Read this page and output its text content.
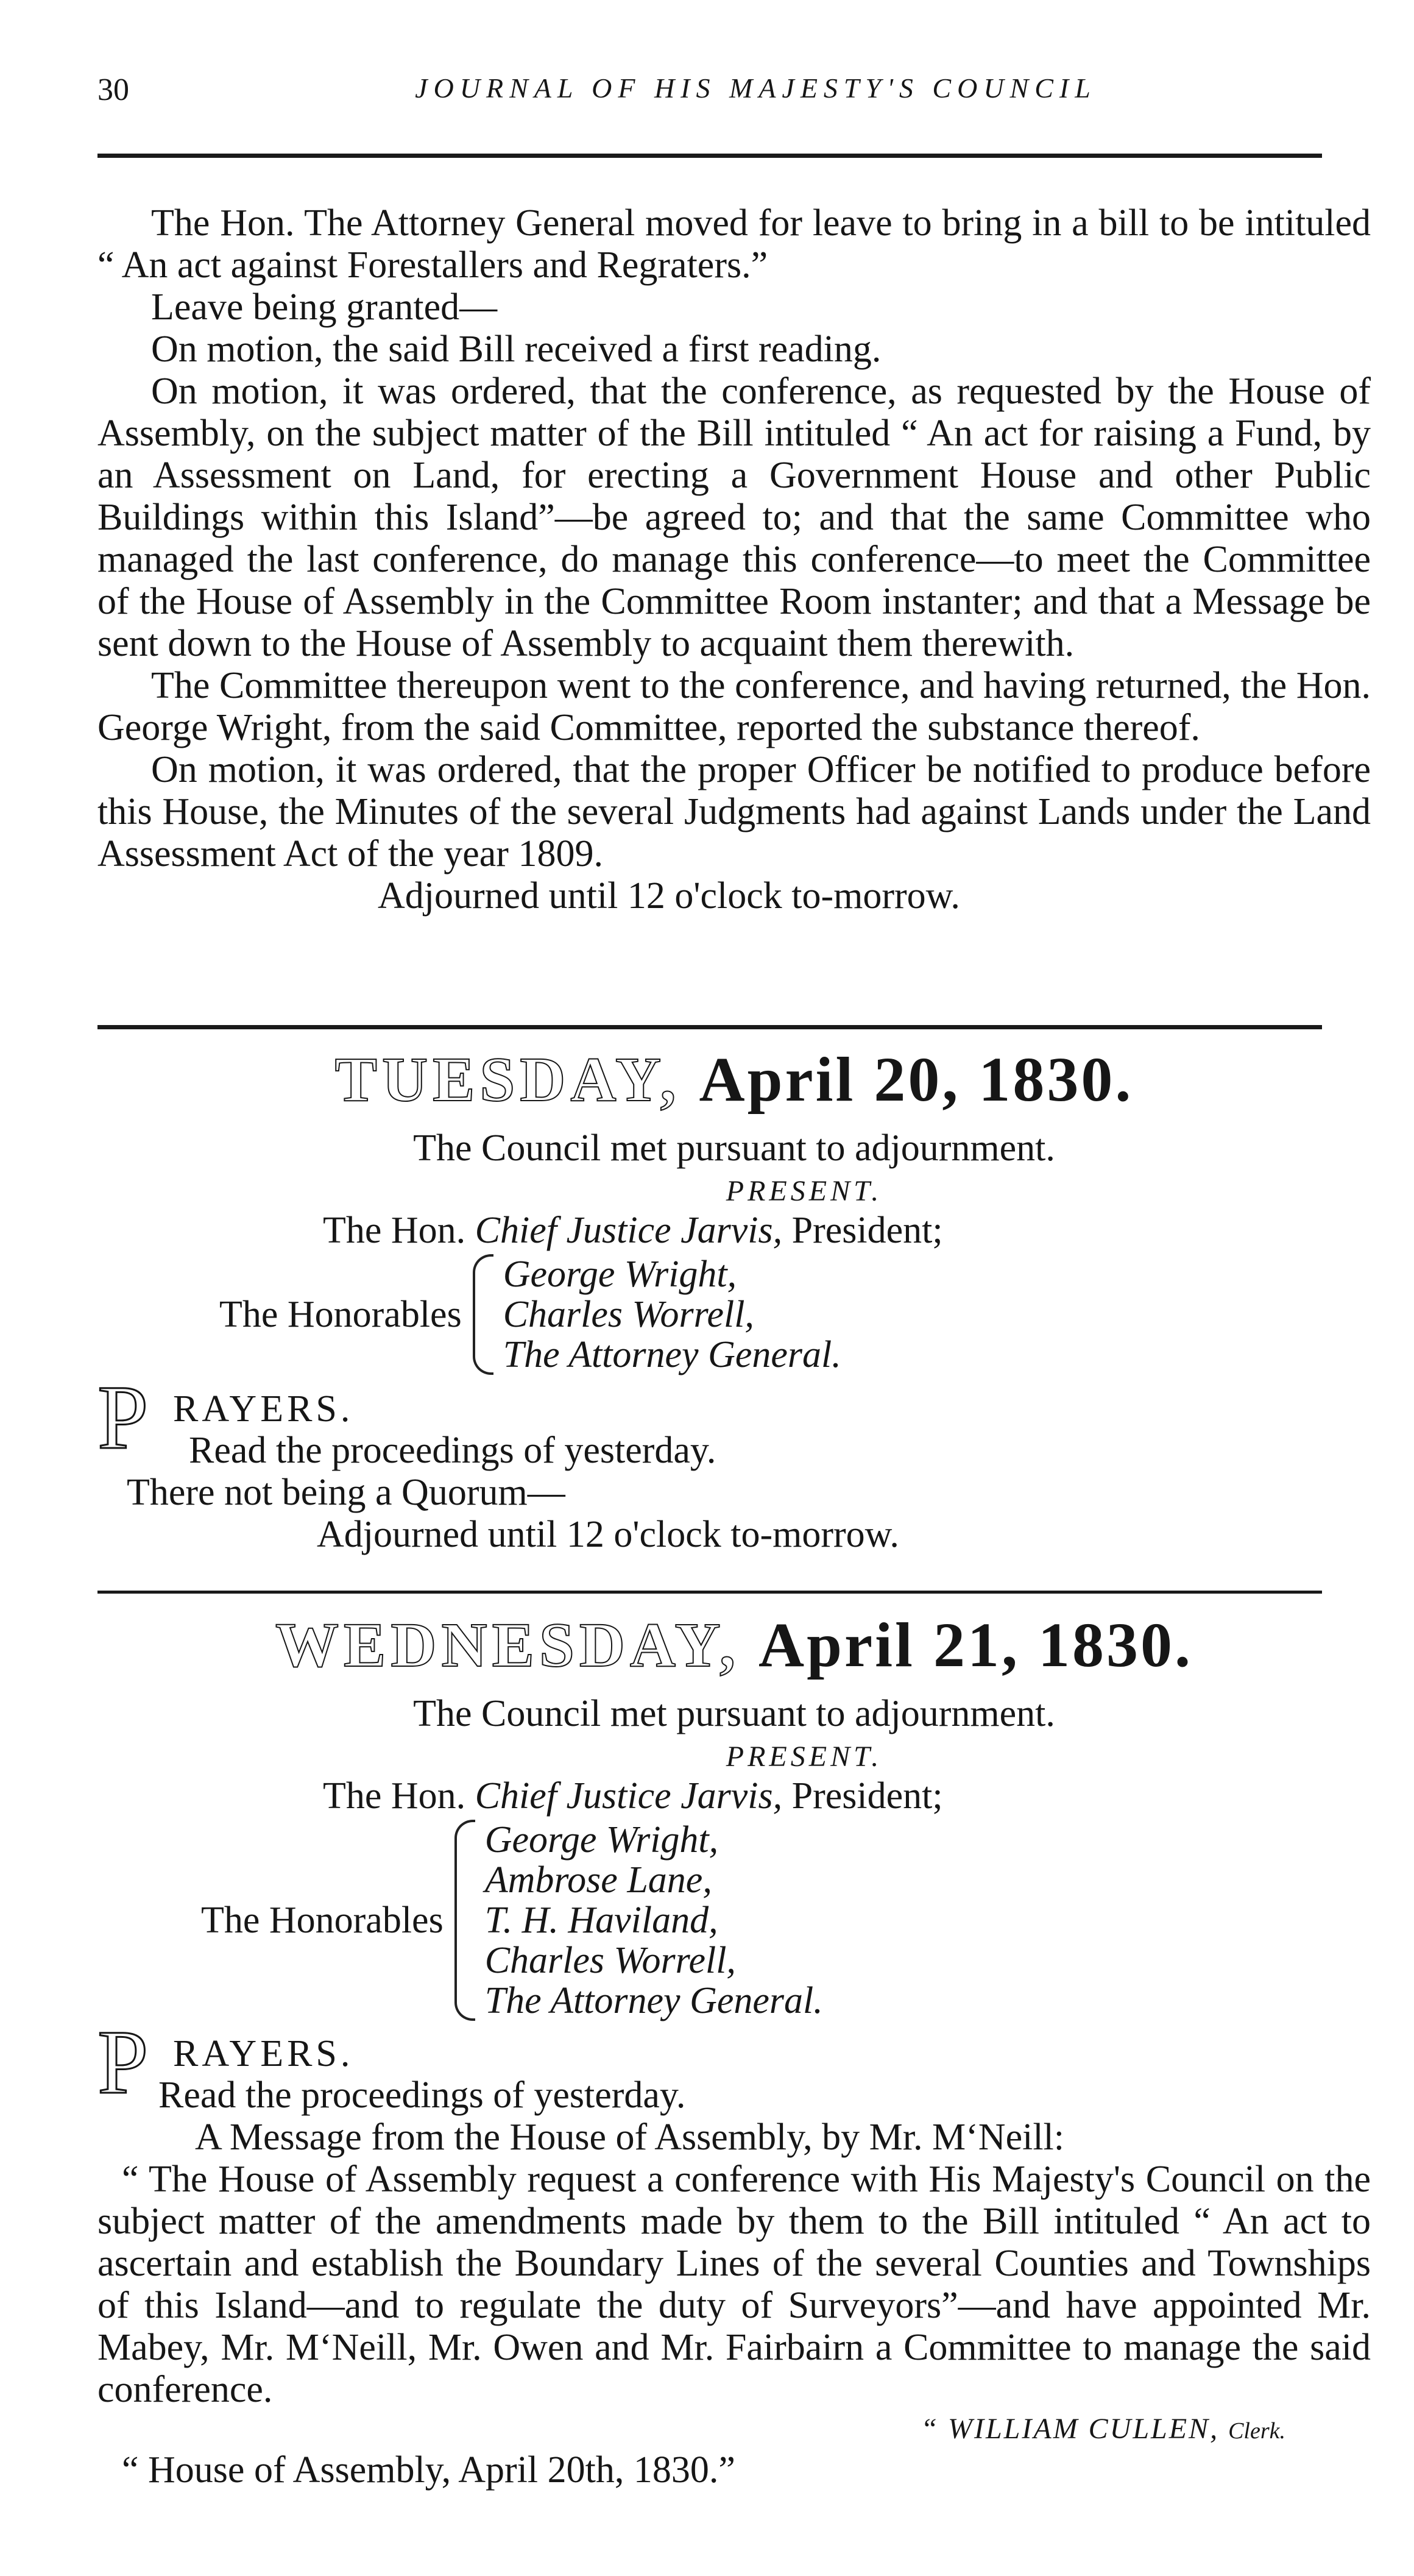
30	JOURNAL OF HIS MAJESTY'S COUNCIL

The Hon. The Attorney General moved for leave to bring in a bill to be intituled “ An act against Forestallers and Regraters.”

Leave being granted—

On motion, the said Bill received a first reading.

On motion, it was ordered, that the conference, as requested by the House of Assembly, on the subject matter of the Bill intituled “ An act for raising a Fund, by an Assessment on Land, for erecting a Government House and other Public Buildings within this Island”—be agreed to; and that the same Committee who managed the last conference, do manage this conference—to meet the Committee of the House of Assembly in the Committee Room instanter; and that a Message be sent down to the House of Assembly to acquaint them therewith.

The Committee thereupon went to the conference, and having returned, the Hon. George Wright, from the said Committee, reported the substance thereof.

On motion, it was ordered, that the proper Officer be notified to produce before this House, the Minutes of the several Judgments had against Lands under the Land Assessment Act of the year 1809.

Adjourned until 12 o'clock to-morrow.

TUESDAY, April 20, 1830.

The Council met pursuant to adjournment.

PRESENT.
The Hon. Chief Justice Jarvis, President;
The Honorables
George Wright,
Charles Worrell,
The Attorney General.
P RAYERS.

Read the proceedings of yesterday.

There not being a Quorum—

Adjourned until 12 o'clock to-morrow.

WEDNESDAY, April 21, 1830.

The Council met pursuant to adjournment.

PRESENT.
The Hon. Chief Justice Jarvis, President;
The Honorables
George Wright,
Ambrose Lane,
T. H. Haviland,
Charles Worrell,
The Attorney General.
P RAYERS.

Read the proceedings of yesterday.

A Message from the House of Assembly, by Mr. M‘Neill:

“ The House of Assembly request a conference with His Majesty's Council on the subject matter of the amendments made by them to the Bill intituled “ An act to ascertain and establish the Boundary Lines of the several Counties and Townships of this Island—and to regulate the duty of Surveyors”—and have appointed Mr. Mabey, Mr. M‘Neill, Mr. Owen and Mr. Fairbairn a Committee to manage the said conference.

“ WILLIAM CULLEN, Clerk.

“ House of Assembly, April 20th, 1830.”
